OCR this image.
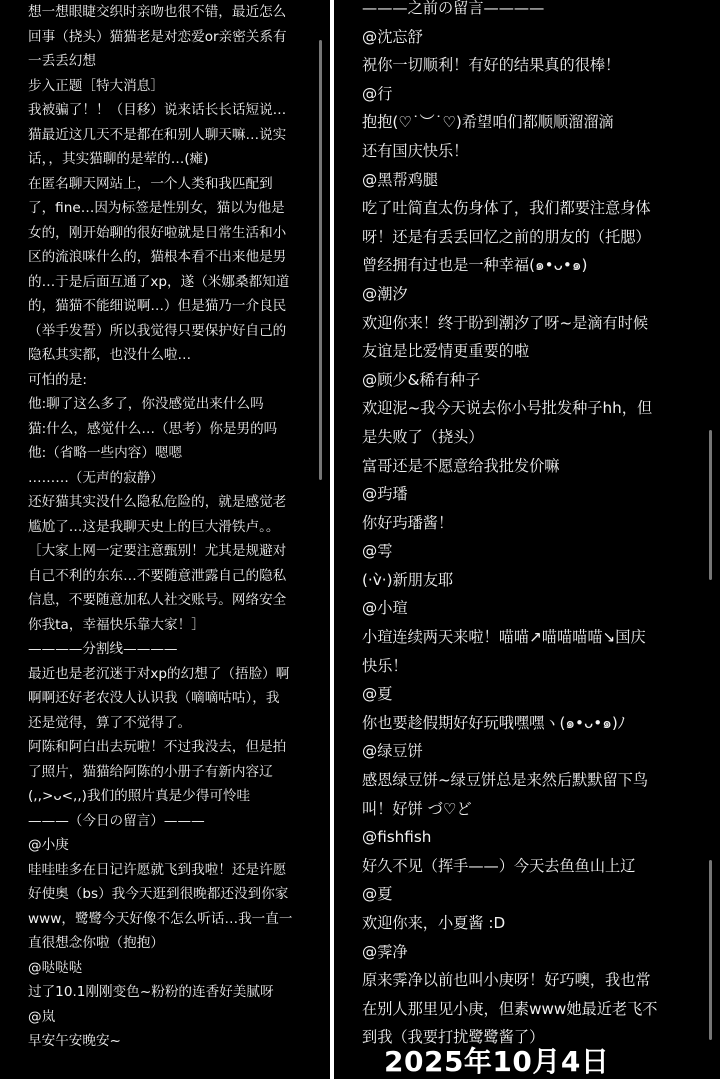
想一想眼睫交织时亲吻也很不错，最近怎么
回事（挠头）猫猫老是对恋爱or亲密关系有
一丢丢幻想
步入正题［特大消息］
我被骗了！！（目移）说来话长长话短说…
猫最近这几天不是都在和别人聊天嘛…说实
话，，其实猫聊的是荤的…(瘫)
在匿名聊天网站上，一个人类和我匹配到
了，fine…因为标签是性别女，猫以为他是
女的，刚开始聊的很好啦就是日常生活和小
区的流浪咪什么的，猫根本看不出来他是男
的…于是后面互通了xp，遂（米娜桑都知道
的，猫猫不能细说啊…）但是猫乃一介良民
（举手发誓）所以我觉得只要保护好自己的
隐私其实都，也没什么啦…
可怕的是:
他:聊了这么多了，你没感觉出来什么吗
猫:什么，感觉什么…（思考）你是男的吗
他:（省略一些内容）嗯嗯
………（无声的寂静）
还好猫其实没什么隐私危险的，就是感觉老
尴尬了…这是我聊天史上的巨大滑铁卢。。
［大家上网一定要注意甄别！尤其是规避对
自己不利的东东…不要随意泄露自己的隐私
信息，不要随意加私人社交账号。网络安全
你我ta，幸福快乐靠大家！］
————分割线————
最近也是老沉迷于对xp的幻想了（捂脸）啊
啊啊还好老农没人认识我（嘀嘀咕咕），我
还是觉得，算了不觉得了。
阿陈和阿白出去玩啦！不过我没去，但是拍
了照片，猫猫给阿陈的小册子有新内容辽
(,,>ᴗ<,,)我们的照片真是少得可怜哇
———（今日の留言）———
@小庚
哇哇哇多在日记许愿就飞到我啦！还是许愿
好使奥（bs）我今天逛到很晚都还没到你家
www，鹭鹭今天好像不怎么听话…我一直一
直很想念你啦（抱抱）
@哒哒哒
过了10.1刚刚变色~粉粉的连香好美腻呀
@岚
早安午安晚安~
———之前の留言————
@沈忘舒
祝你一切顺利！有好的结果真的很棒！
@行
抱抱(♡˙︶˙♡)希望咱们都顺顺溜溜滴
还有国庆快乐！
@黑帮鸡腿
吃了吐简直太伤身体了，我们都要注意身体
呀！还是有丢丢回忆之前的朋友的（托腮）
曾经拥有过也是一种幸福(๑•ᴗ•๑)
@潮汐
欢迎你来！终于盼到潮汐了呀~是滴有时候
友谊是比爱情更重要的啦
@顾少&稀有种子
欢迎泥~我今天说去你小号批发种子hh，但
是失败了（挠头）
富哥还是不愿意给我批发价嘛
@玙璠
你好玙璠酱！
@雩
(·v̀·)新朋友耶
@小瑄
小瑄连续两天来啦！喵喵↗喵喵喵喵↘国庆
快乐！
@夏
你也要趁假期好好玩哦嘿嘿ヽ(๑•ᴗ•๑)ﾉ
@绿豆饼
感恩绿豆饼~绿豆饼总是来然后默默留下鸟
叫！好饼 づ♡ど
@fishfish
好久不见（挥手——）今天去鱼鱼山上辽
@夏
欢迎你来，小夏酱 :D
@霁净
原来霁净以前也叫小庚呀！好巧噢，我也常
在别人那里见小庚，但素www她最近老飞不
到我（我要打扰鹭鹭酱了）
2025年10月4日
